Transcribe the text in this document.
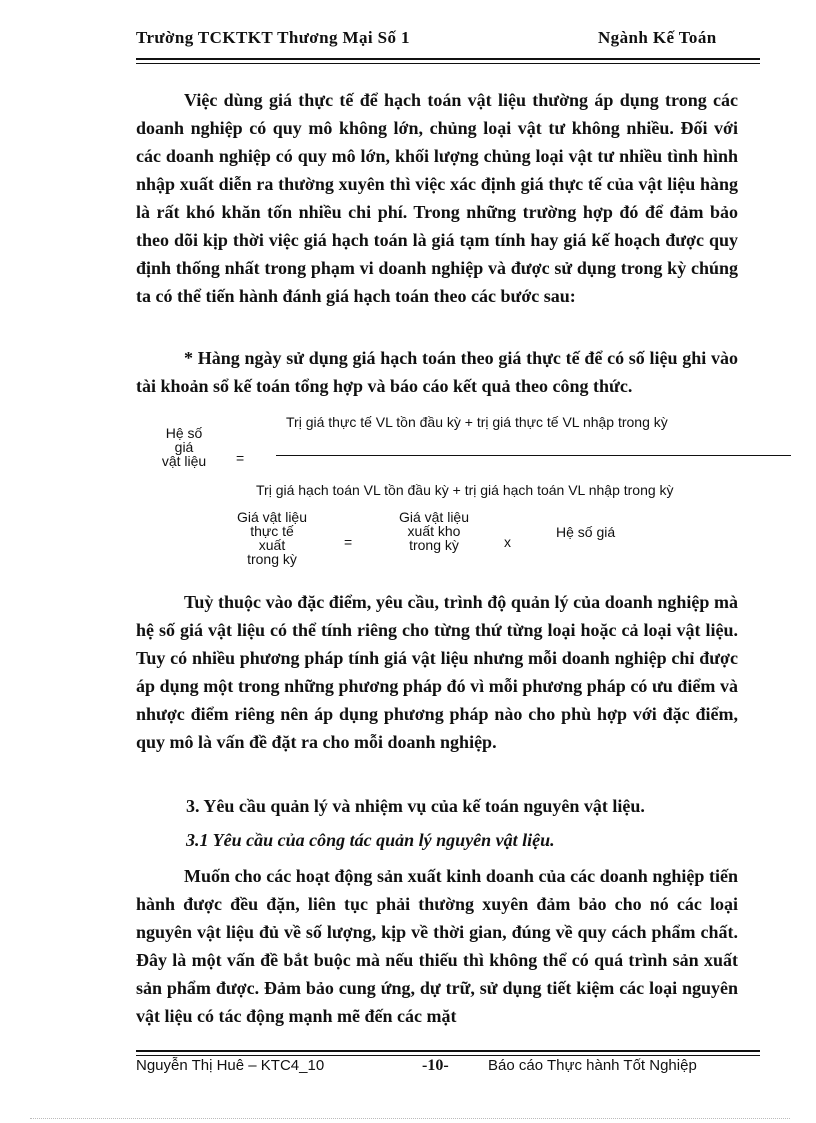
Trường TCKTKT Thương Mại Số 1	Ngành Kế Toán
Việc dùng giá thực tế để hạch toán vật liệu thường áp dụng trong các doanh nghiệp có quy mô không lớn, chủng loại vật tư không nhiều. Đối với các doanh nghiệp có quy mô lớn, khối lượng chủng loại vật tư nhiều tình hình nhập xuất diễn ra thường xuyên thì việc xác định giá thực tế của vật liệu hàng là rất khó khăn tốn nhiều chi phí. Trong những trường hợp đó để đảm bảo theo dõi kịp thời việc giá hạch toán là giá tạm tính hay giá kế hoạch được quy định thống nhất trong phạm vi doanh nghiệp và được sử dụng trong kỳ chúng ta có thể tiến hành đánh giá hạch toán theo các bước sau:
* Hàng ngày sử dụng giá hạch toán theo giá thực tế để có số liệu ghi vào tài khoản sổ kế toán tổng hợp và báo cáo kết quả theo công thức.
Hệ số
giá
vật liệu	=
Trị giá thực tế VL tồn đầu kỳ + trị giá thực tế VL nhập trong kỳ
Trị giá hạch toán VL tồn đầu kỳ + trị giá hạch toán VL nhập trong kỳ
Giá vật liệu
thực tế
xuất
trong kỳ
=
Giá vật liệu
xuất kho
trong kỳ	x
Hệ số giá
Tuỳ thuộc vào đặc điểm, yêu cầu, trình độ quản lý của doanh nghiệp mà hệ số giá vật liệu có thể tính riêng cho từng thứ từng loại hoặc cả loại vật liệu. Tuy có nhiều phương pháp tính giá vật liệu nhưng mỗi doanh nghiệp chỉ được áp dụng một trong những phương pháp đó vì mỗi phương pháp có ưu điểm và nhược điểm riêng nên áp dụng phương pháp nào cho phù hợp với đặc điểm, quy mô là vấn đề đặt ra cho mỗi doanh nghiệp.
3. Yêu cầu quản lý và nhiệm vụ của kế toán nguyên vật liệu.
3.1 Yêu cầu của công tác quản lý nguyên vật liệu.
Muốn cho các hoạt động sản xuất kinh doanh của các doanh nghiệp tiến hành được đều đặn, liên tục phải thường xuyên đảm bảo cho nó các loại nguyên vật liệu đủ về số lượng, kịp về thời gian, đúng về quy cách phẩm chất. Đây là một vấn đề bắt buộc mà nếu thiếu thì không thể có quá trình sản xuất sản phẩm được. Đảm bảo cung ứng, dự trữ, sử dụng tiết kiệm các loại nguyên vật liệu có tác động mạnh mẽ đến các mặt
Nguyễn Thị Huê – KTC4_10	-10-	Báo cáo Thực hành Tốt Nghiệp
